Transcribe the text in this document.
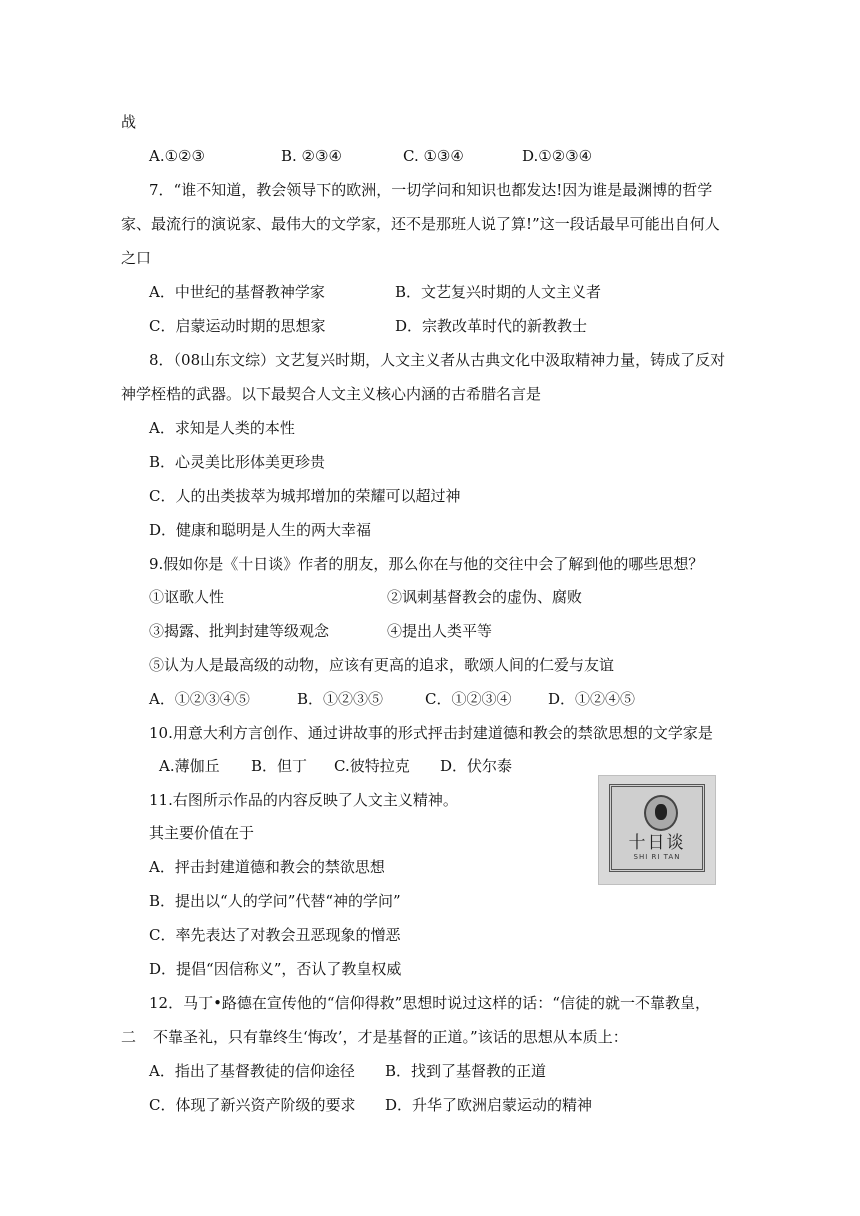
战
A.①②③	B. ②③④	C. ①③④	D.①②③④
7．“谁不知道，教会领导下的欧洲，一切学问和知识也都发达!因为谁是最渊博的哲学
家、最流行的演说家、最伟大的文学家，还不是那班人说了算!”这一段话最早可能出自何人
之口
A．中世纪的基督教神学家	B．文艺复兴时期的人文主义者
C．启蒙运动时期的思想家	D．宗教改革时代的新教教士
8．（08山东文综）文艺复兴时期，人文主义者从古典文化中汲取精神力量，铸成了反对
神学桎梏的武器。以下最契合人文主义核心内涵的古希腊名言是
A．求知是人类的本性
B．心灵美比形体美更珍贵
C．人的出类拔萃为城邦增加的荣耀可以超过神
D．健康和聪明是人生的两大幸福
9.假如你是《十日谈》作者的朋友，那么你在与他的交往中会了解到他的哪些思想？
①讴歌人性	②讽刺基督教会的虚伪、腐败
③揭露、批判封建等级观念	④提出人类平等
⑤认为人是最高级的动物，应该有更高的追求，歌颂人间的仁爱与友谊
A．①②③④⑤	B．①②③⑤	C．①②③④ D．①②④⑤
10.用意大利方言创作、通过讲故事的形式抨击封建道德和教会的禁欲思想的文学家是
A.薄伽丘 B．但丁 C.彼特拉克 D．伏尔泰
11.右图所示作品的内容反映了人文主义精神。
其主要价值在于
A．抨击封建道德和教会的禁欲思想
B．提出以“人的学问”代替“神的学问”
C．率先表达了对教会丑恶现象的憎恶
D．提倡“因信称义”，否认了教皇权威
十日谈
SHI RI TAN
12．马丁•路德在宣传他的“信仰得救”思想时说过这样的话：“信徒的就一不靠教皇，
二 不靠圣礼，只有靠终生‘悔改’，才是基督的正道。”该话的思想从本质上：
A．指出了基督教徒的信仰途径 B．找到了基督教的正道
C．体现了新兴资产阶级的要求 D．升华了欧洲启蒙运动的精神
